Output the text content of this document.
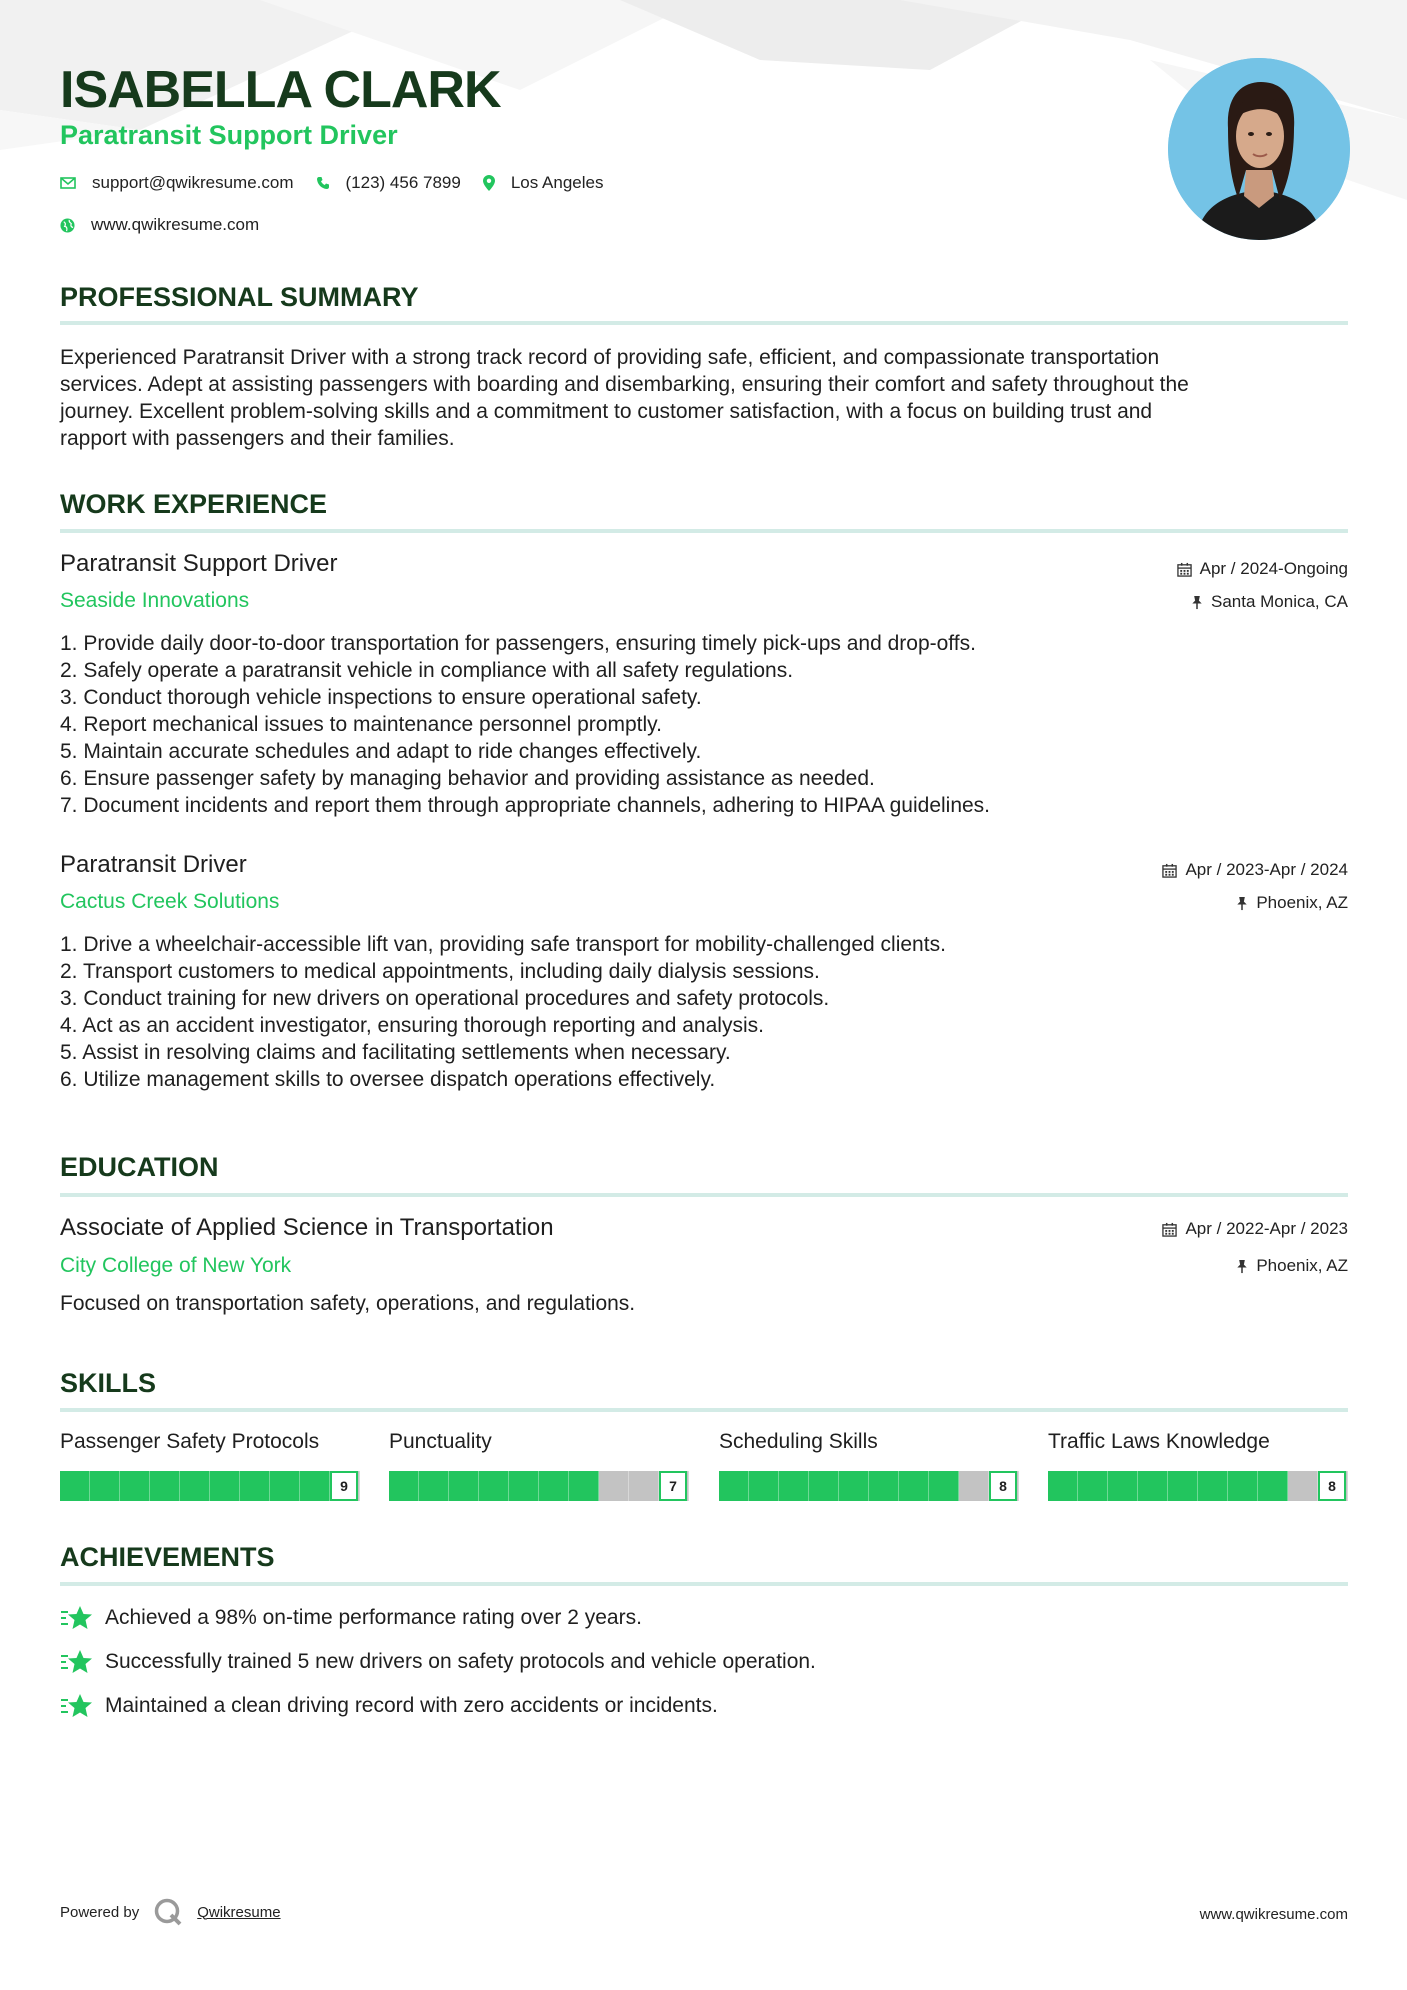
ISABELLA CLARK
Paratransit Support Driver
support@qwikresume.com	(123) 456 7899	Los Angeles
www.qwikresume.com
PROFESSIONAL SUMMARY
Experienced Paratransit Driver with a strong track record of providing safe, efficient, and compassionate transportation
services. Adept at assisting passengers with boarding and disembarking, ensuring their comfort and safety throughout the
journey. Excellent problem-solving skills and a commitment to customer satisfaction, with a focus on building trust and
rapport with passengers and their families.
WORK EXPERIENCE
Paratransit Support Driver
Seaside Innovations
Apr / 2024-Ongoing
Santa Monica, CA
1. Provide daily door-to-door transportation for passengers, ensuring timely pick-ups and drop-offs.
2. Safely operate a paratransit vehicle in compliance with all safety regulations.
3. Conduct thorough vehicle inspections to ensure operational safety.
4. Report mechanical issues to maintenance personnel promptly.
5. Maintain accurate schedules and adapt to ride changes effectively.
6. Ensure passenger safety by managing behavior and providing assistance as needed.
7. Document incidents and report them through appropriate channels, adhering to HIPAA guidelines.
Paratransit Driver
Cactus Creek Solutions
Apr / 2023-Apr / 2024
Phoenix, AZ
1. Drive a wheelchair-accessible lift van, providing safe transport for mobility-challenged clients.
2. Transport customers to medical appointments, including daily dialysis sessions.
3. Conduct training for new drivers on operational procedures and safety protocols.
4. Act as an accident investigator, ensuring thorough reporting and analysis.
5. Assist in resolving claims and facilitating settlements when necessary.
6. Utilize management skills to oversee dispatch operations effectively.
EDUCATION
Associate of Applied Science in Transportation
City College of New York
Apr / 2022-Apr / 2023
Phoenix, AZ
Focused on transportation safety, operations, and regulations.
SKILLS
Passenger Safety Protocols
9
Punctuality
7
Scheduling Skills
8
Traffic Laws Knowledge
8
ACHIEVEMENTS
Achieved a 98% on-time performance rating over 2 years.
Successfully trained 5 new drivers on safety protocols and vehicle operation.
Maintained a clean driving record with zero accidents or incidents.
Powered by	Qwikresume	www.qwikresume.com
